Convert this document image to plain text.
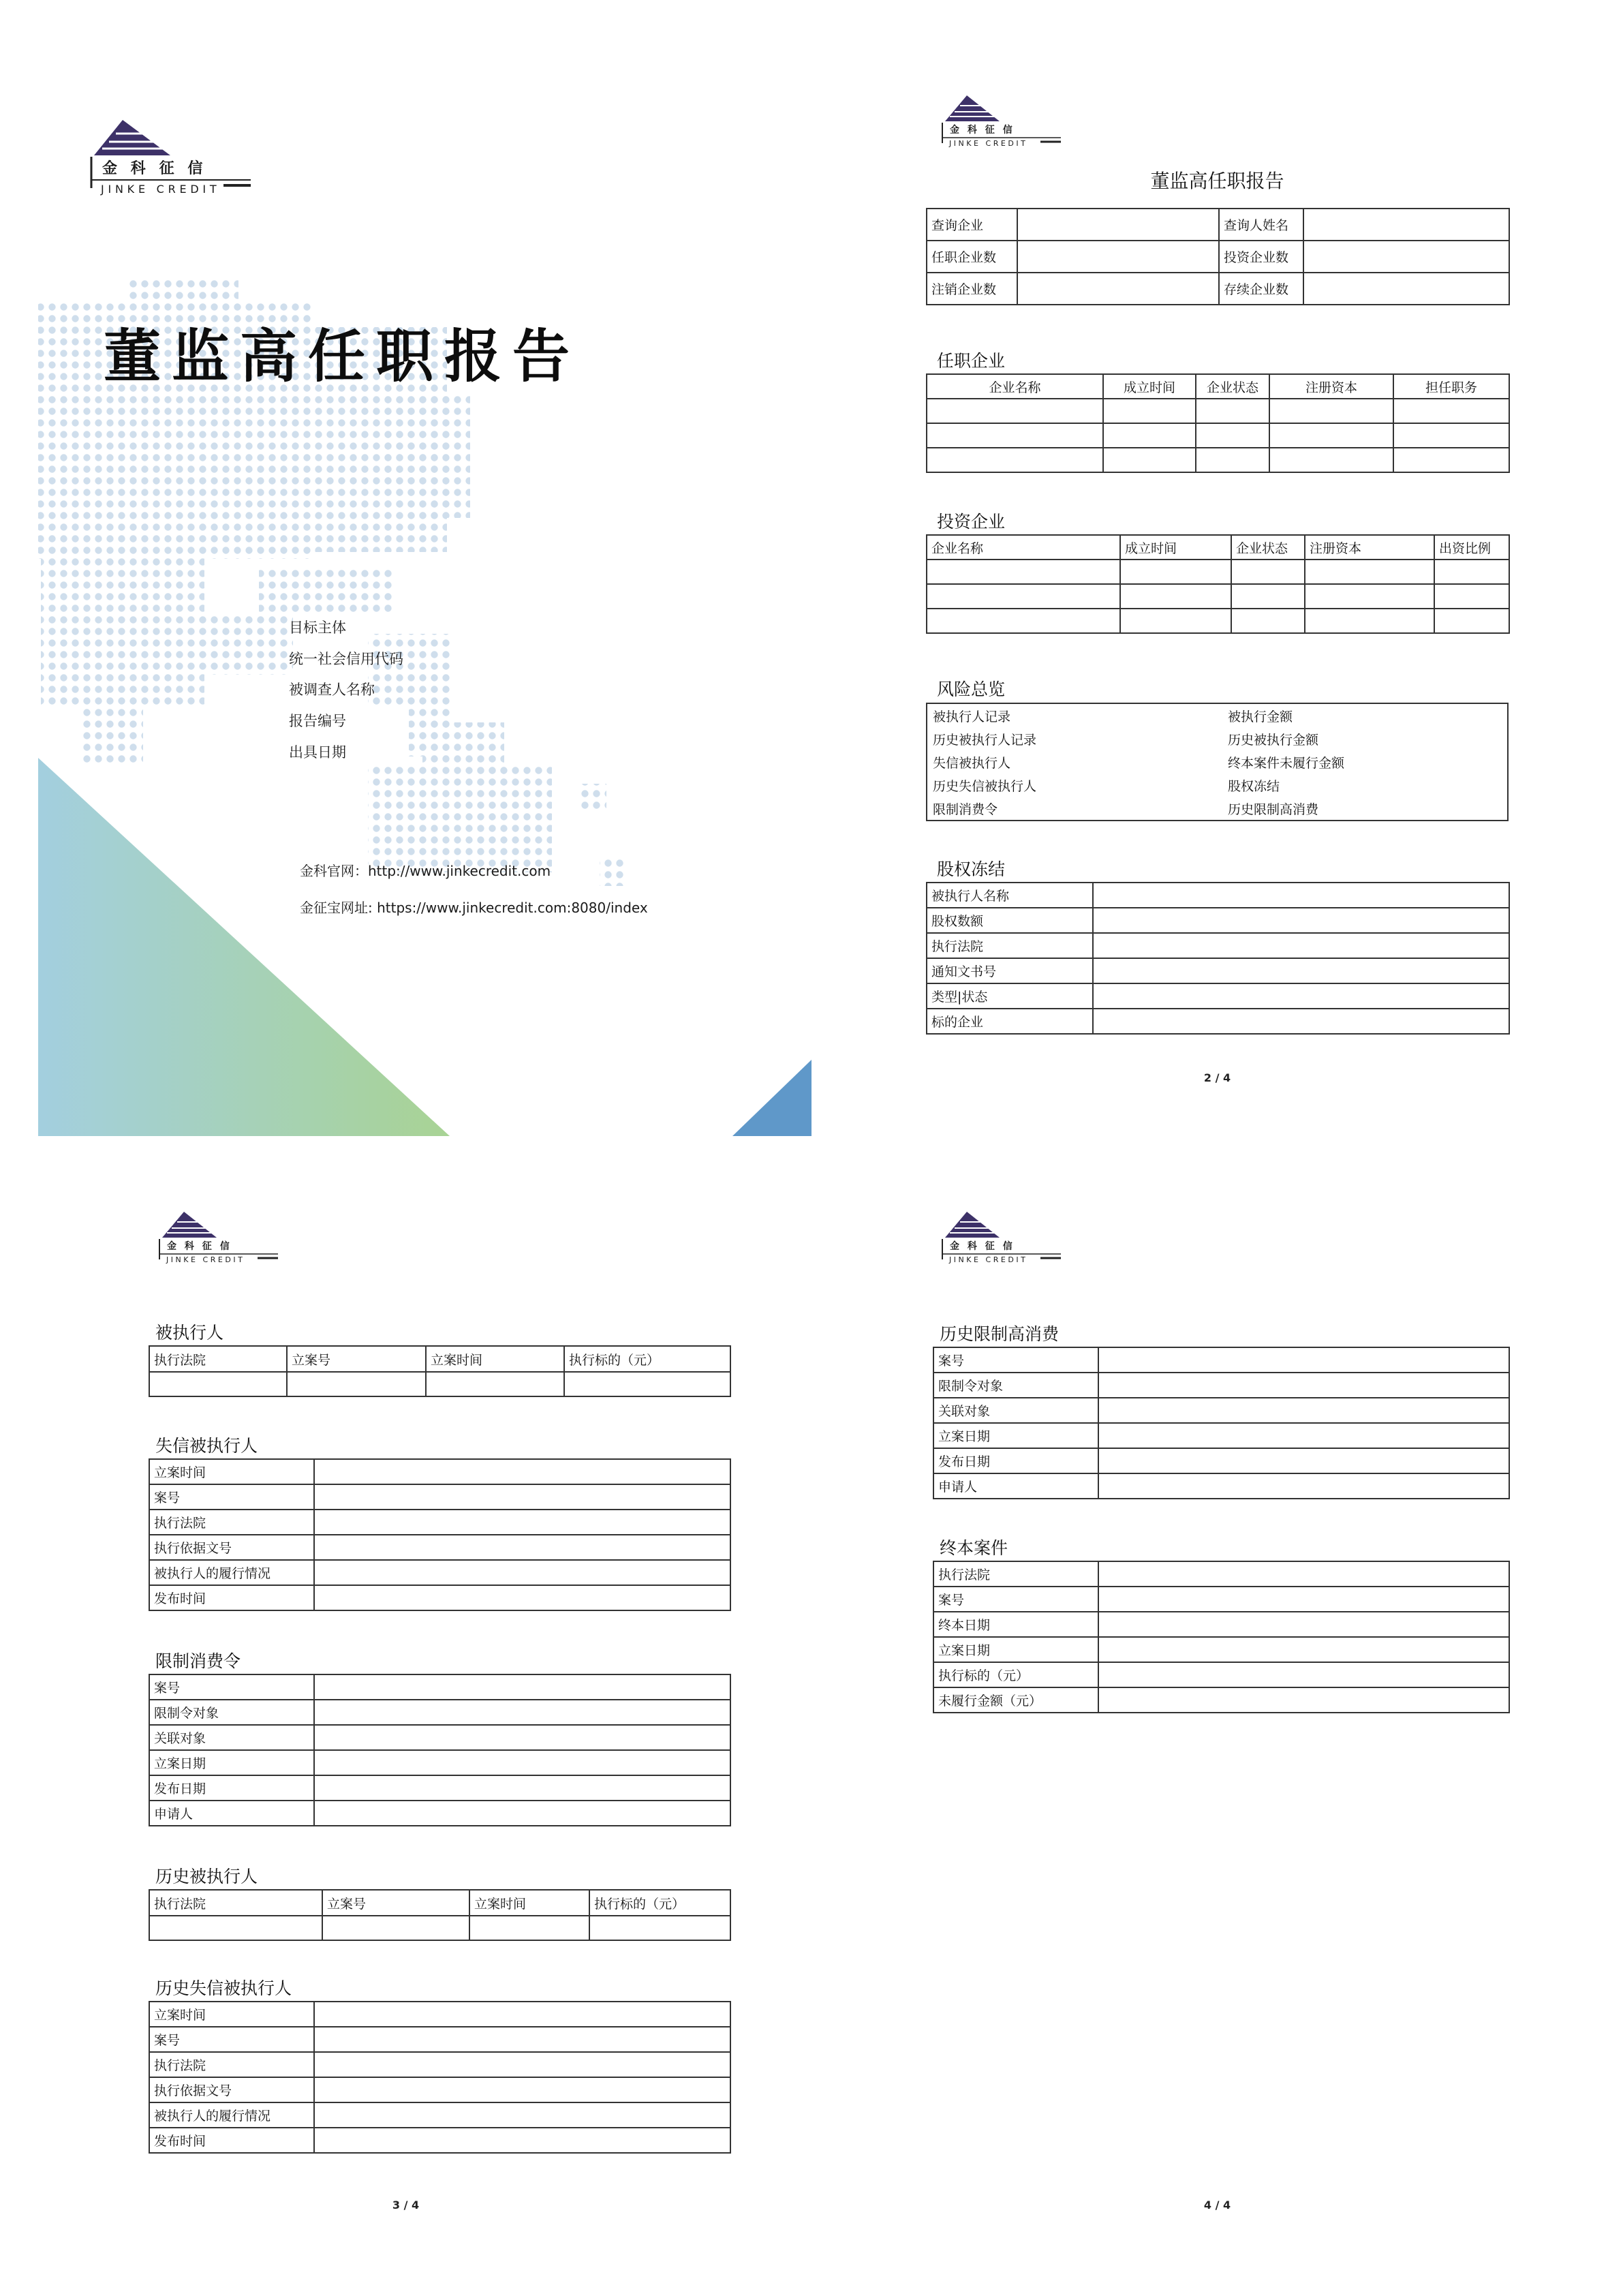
金科征信
JINKE CREDIT
董监高任职报告
目标主体
统一社会信用代码
被调查人名称
报告编号
出具日期
金科官网：http://www.jinkecredit.com
金征宝网址: https://www.jinkecredit.com:8080/index
金科征信
JINKE CREDIT
董监高任职报告
查询企业		查询人姓名	
任职企业数		投资企业数	
注销企业数		存续企业数	
任职企业
企业名称	成立时间	企业状态	注册资本	担任职务

投资企业
企业名称	成立时间	企业状态	注册资本	出资比例

风险总览
被执行人记录	被执行金额
历史被执行人记录	历史被执行金额
失信被执行人	终本案件未履行金额
历史失信被执行人	股权冻结
限制消费令	历史限制高消费
股权冻结
被执行人名称	
股权数额	
执行法院	
通知文书号	
类型|状态	
标的企业	
2 / 4
金科征信
JINKE CREDIT
被执行人
执行法院	立案号	立案时间	执行标的（元）

失信被执行人
立案时间	
案号	
执行法院	
执行依据文号	
被执行人的履行情况	
发布时间	
限制消费令
案号	
限制令对象	
关联对象	
立案日期	
发布日期	
申请人	
历史被执行人
执行法院	立案号	立案时间	执行标的（元）

历史失信被执行人
立案时间	
案号	
执行法院	
执行依据文号	
被执行人的履行情况	
发布时间	
3 / 4
金科征信
JINKE CREDIT
历史限制高消费
案号	
限制令对象	
关联对象	
立案日期	
发布日期	
申请人	
终本案件
执行法院	
案号	
终本日期	
立案日期	
执行标的（元）	
未履行金额（元）	
4 / 4
